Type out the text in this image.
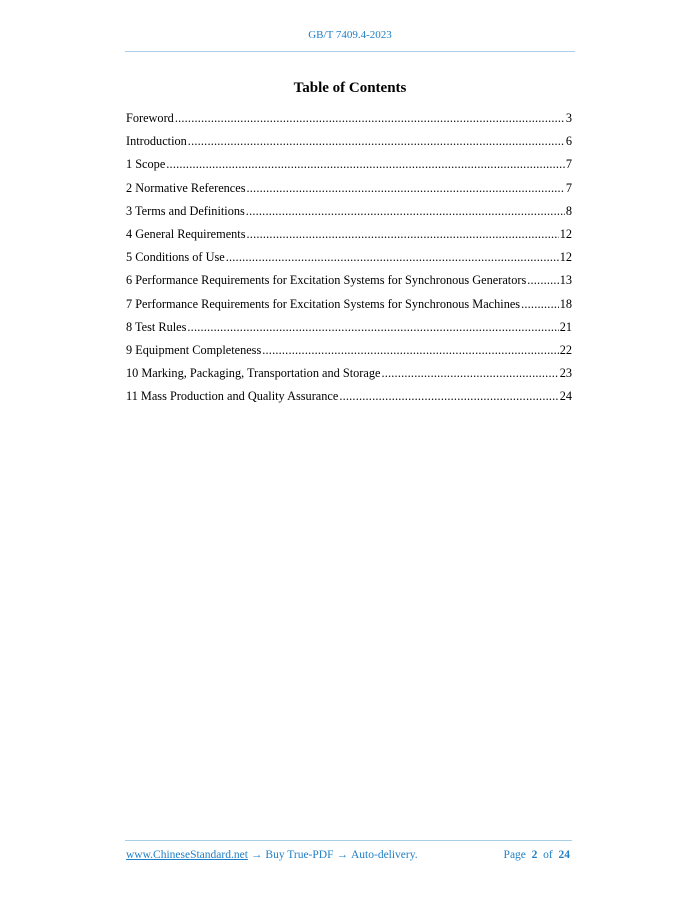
GB/T 7409.4-2023
Table of Contents
Foreword .....	3
Introduction .....	6
1 Scope .....	7
2 Normative References .....	7
3 Terms and Definitions .....	8
4 General Requirements .....	12
5 Conditions of Use .....	12
6 Performance Requirements for Excitation Systems for Synchronous Generators .....	13
7 Performance Requirements for Excitation Systems for Synchronous Machines .....	18
8 Test Rules .....	21
9 Equipment Completeness .....	22
10 Marking, Packaging, Transportation and Storage .....	23
11 Mass Production and Quality Assurance .....	24
www.ChineseStandard.net → Buy True-PDF → Auto-delivery.	Page 2 of 24
